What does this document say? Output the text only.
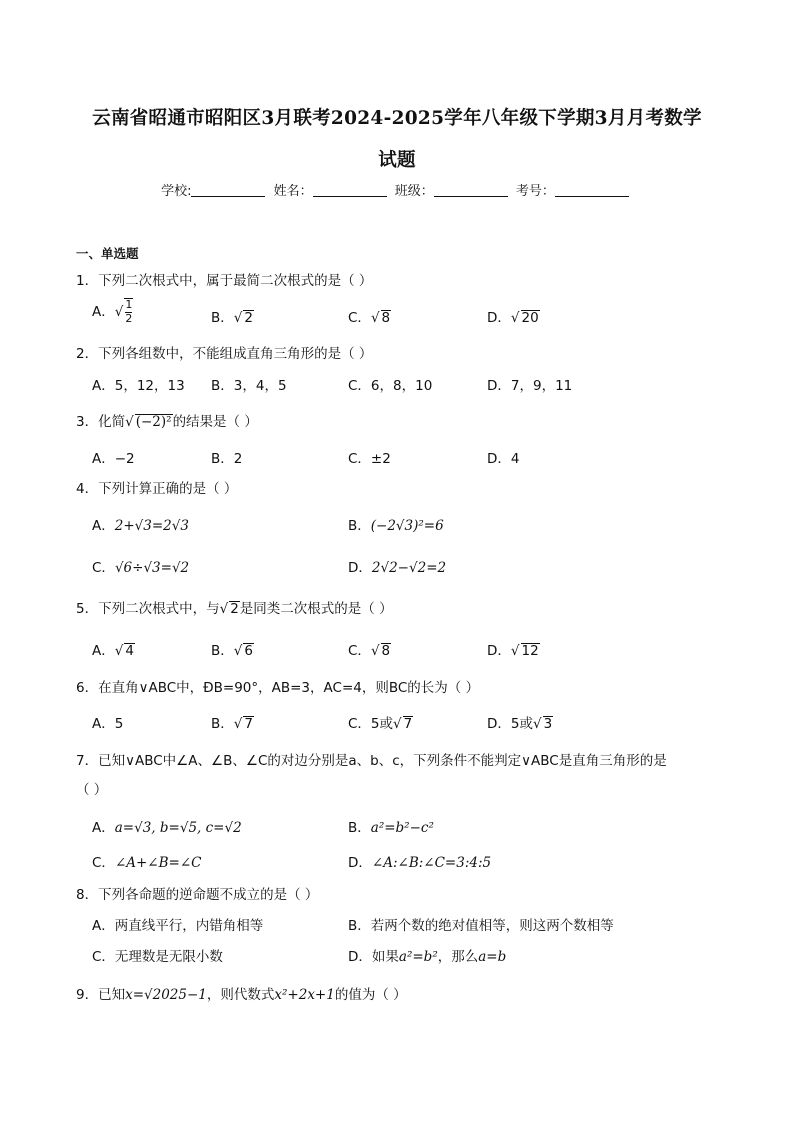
云南省昭通市昭阳区3月联考2024-2025学年八年级下学期3月月考数学
试题
学校:	姓名：	班级：	考号：
一、单选题
1．下列二次根式中，属于最简二次根式的是（ ）
A．√ $\frac{1}{2}$	B．√ 2	C．√ 8	D．√ 20
2．下列各组数中，不能组成直角三角形的是（ ）
A．5，12，13 B．3，4，5	C．6，8，10	D．7，9，11
3．化简√ (−2)²的结果是（ ）
A．−2	B．2	C．±2	D．4
4．下列计算正确的是（ ）
A．2+√3=2√3	B．(−2√3)²=6
C．√6÷√3=√2	D．2√2−√2=2
5．下列二次根式中，与√ 2是同类二次根式的是（ ）
A．√ 4	B．√ 6	C．√ 8	D．√ 12
6．在直角∨ABC中，ÐB=90°，AB=3，AC=4，则BC的长为（ ）
A．5	B．√ 7	C．5或√ 7	D．5或√ 3
7．已知∨ABC中∠A、∠B、∠C的对边分别是a、b、c，下列条件不能判定∨ABC是直角三角形的是
（ ）
A．a=√3, b=√5, c=√2	B．a²=b²−c²
C．∠A+∠B=∠C	D．∠A:∠B:∠C=3:4:5
8．下列各命题的逆命题不成立的是（ ）
A．两直线平行，内错角相等	B．若两个数的绝对值相等，则这两个数相等
C．无理数是无限小数	D．如果a²=b²，那么a=b
9．已知x=√2025−1，则代数式x²+2x+1的值为（ ）
